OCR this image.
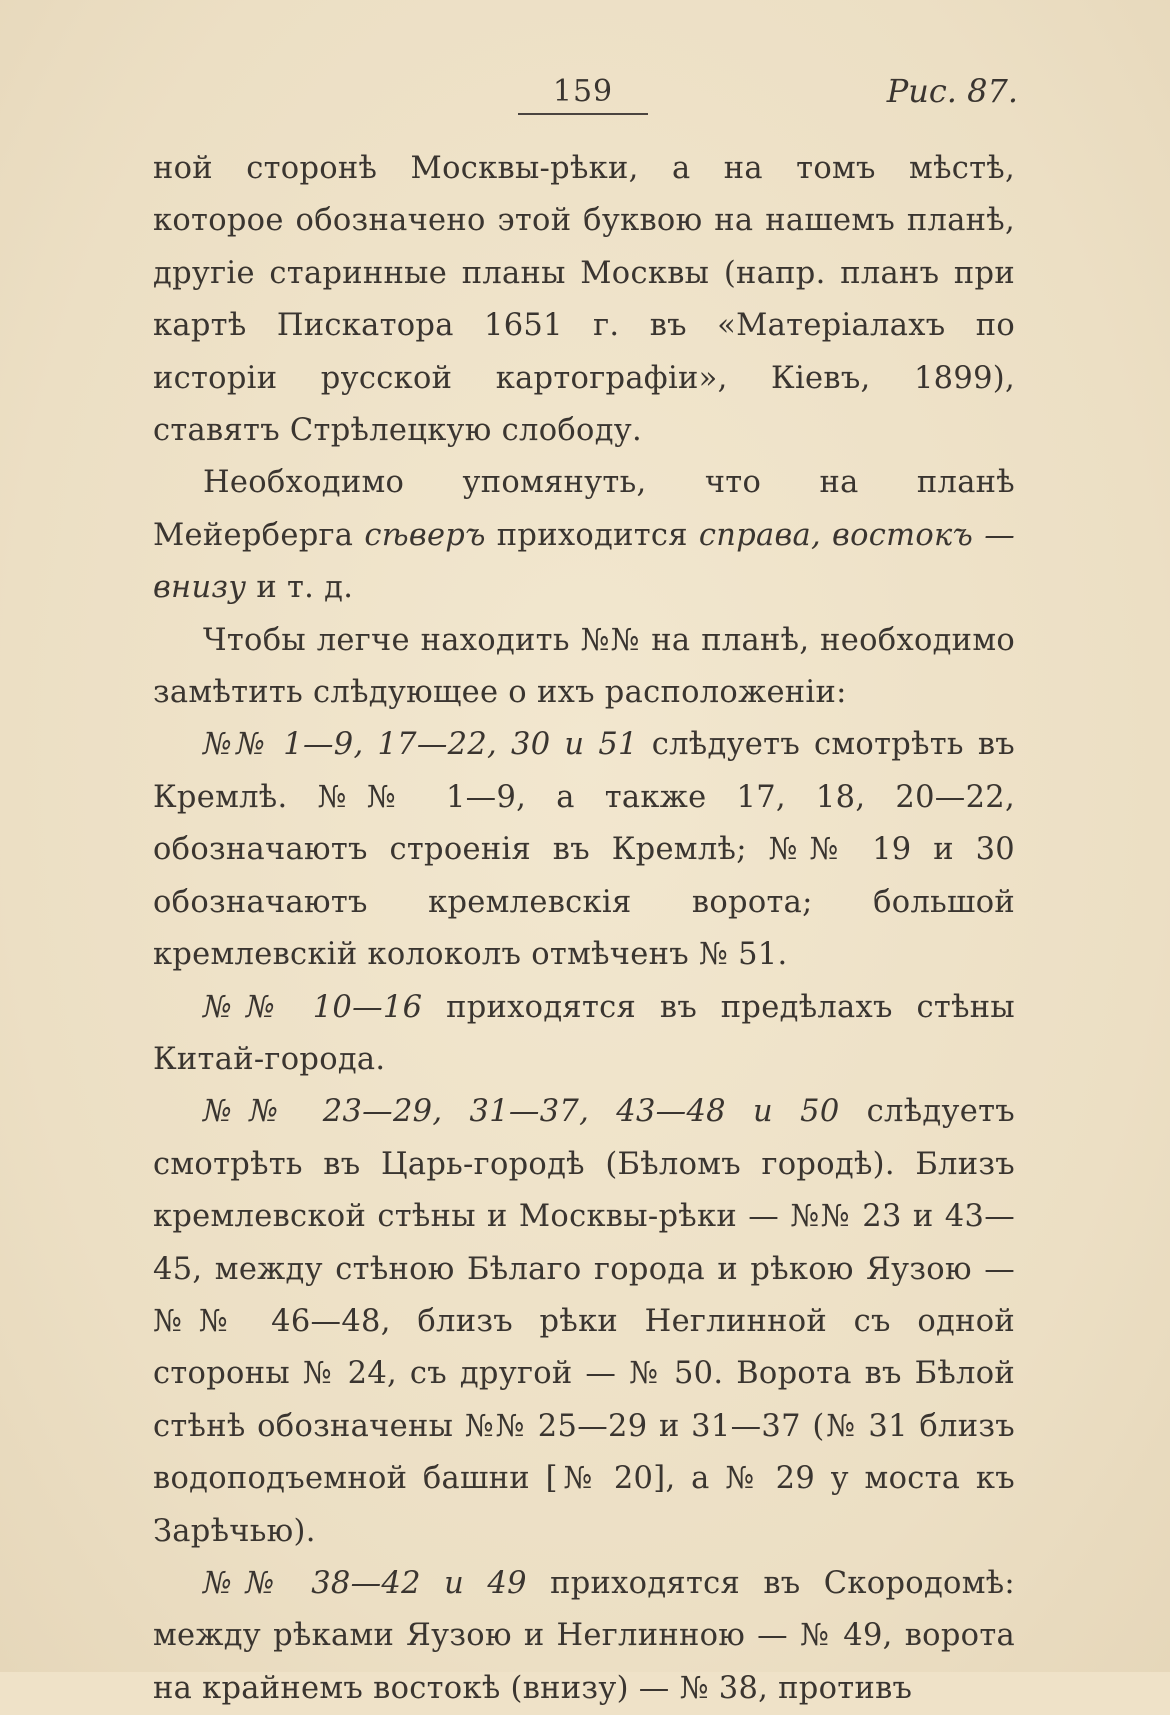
159	Рис. 87.

ной сторонѣ Москвы-рѣки, а на томъ мѣстѣ, которое обозначено этой буквою на нашемъ планѣ, другіе старинные планы Москвы (напр. планъ при картѣ Пискатора 1651 г. въ «Матеріалахъ по исторіи русской картографіи», Кіевъ, 1899), ставятъ Стрѣлецкую слободу.

Необходимо упомянуть, что на планѣ Мейерберга сѣверъ приходится справа, востокъ — внизу и т. д.

Чтобы легче находить №№ на планѣ, необходимо замѣтить слѣдующее о ихъ расположеніи:

№№ 1—9, 17—22, 30 и 51 слѣдуетъ смотрѣть въ Кремлѣ. №№ 1—9, а также 17, 18, 20—22, обозначаютъ строенія въ Кремлѣ; №№ 19 и 30 обозначаютъ кремлевскія ворота; большой кремлевскій колоколъ отмѣченъ № 51.

№№ 10—16 приходятся въ предѣлахъ стѣны Китай-города.

№№ 23—29, 31—37, 43—48 и 50 слѣдуетъ смотрѣть въ Царь-городѣ (Бѣломъ городѣ). Близъ кремлевской стѣны и Москвы-рѣки — №№ 23 и 43—45, между стѣною Бѣлаго города и рѣкою Яузою — №№ 46—48, близъ рѣки Неглинной съ одной стороны № 24, съ другой — № 50. Ворота въ Бѣлой стѣнѣ обозначены №№ 25—29 и 31—37 (№ 31 близъ водоподъемной башни [№ 20], а № 29 у моста къ Зарѣчью).

№№ 38—42 и 49 приходятся въ Скородомѣ: между рѣками Яузою и Неглинною — № 49, ворота на крайнемъ востокѣ (внизу) — № 38, противъ
